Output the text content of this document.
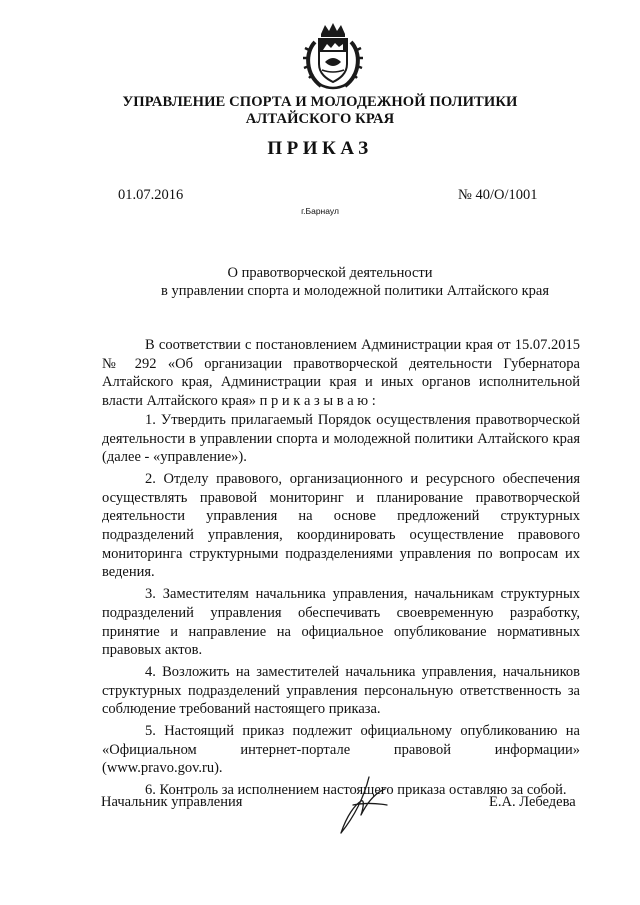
УПРАВЛЕНИЕ СПОРТА И МОЛОДЕЖНОЙ ПОЛИТИКИ
АЛТАЙСКОГО КРАЯ
ПРИКАЗ
01.07.2016	№ 40/О/1001
г.Барнаул
О правотворческой деятельности
в управлении спорта и молодежной политики Алтайского края

В соответствии с постановлением Администрации края от 15.07.2015 № 292 «Об организации правотворческой деятельности Губернатора Алтайского края, Администрации края и иных органов исполнительной власти Алтайского края» п р и к а з ы в а ю :

1. Утвердить прилагаемый Порядок осуществления правотворческой деятельности в управлении спорта и молодежной политики Алтайского края (далее - «управление»).

2. Отделу правового, организационного и ресурсного обеспечения осуществлять правовой мониторинг и планирование правотворческой деятельности управления на основе предложений структурных подразделений управления, координировать осуществление правового мониторинга структурными подразделениями управления по вопросам их ведения.

3. Заместителям начальника управления, начальникам структурных подразделений управления обеспечивать своевременную разработку, принятие и направление на официальное опубликование нормативных правовых актов.

4. Возложить на заместителей начальника управления, начальников структурных подразделений управления персональную ответственность за соблюдение требований настоящего приказа.

5. Настоящий приказ подлежит официальному опубликованию на «Официальном интернет-портале правовой информации» (www.pravo.gov.ru).

6. Контроль за исполнением настоящего приказа оставляю за собой.

Начальник управления	Е.А. Лебедева
